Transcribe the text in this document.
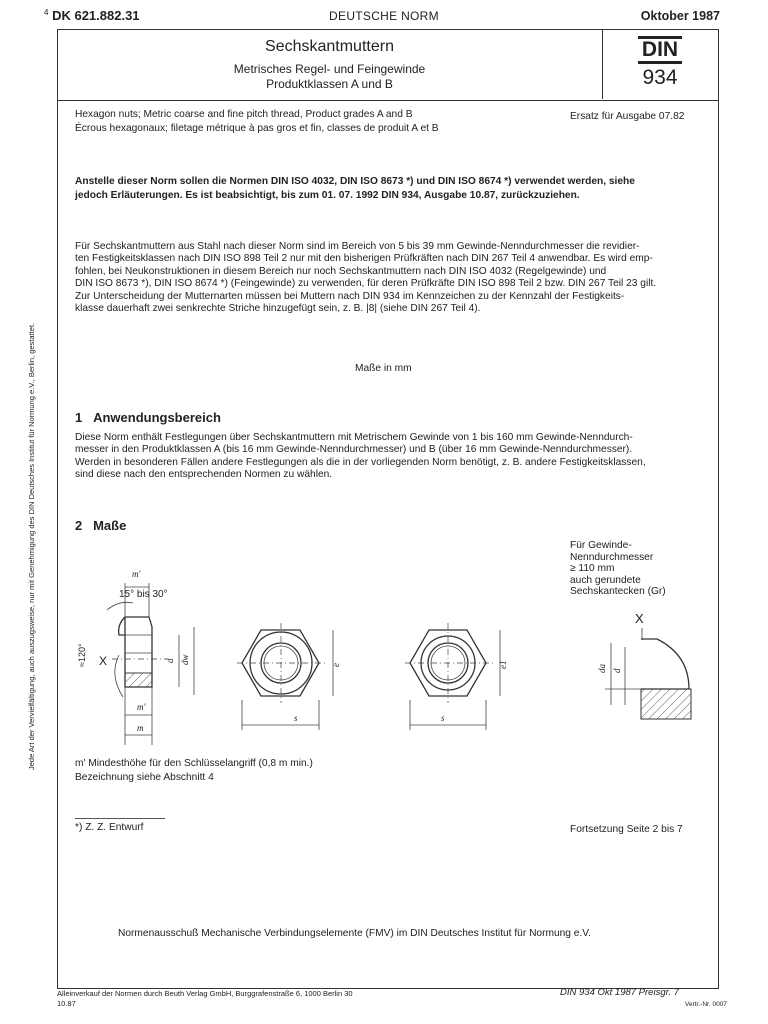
$^4$ DK 621.882.31	DEUTSCHE NORM	Oktober 1987
Sechskantmuttern
Metrisches Regel- und Feingewinde
Produktklassen A und B
DIN
934
Hexagon nuts; Metric coarse and fine pitch thread, Product grades A and B
Écrous hexagonaux; filetage métrique à pas gros et fin, classes de produit A et B
Ersatz für Ausgabe 07.82
Anstelle dieser Norm sollen die Normen DIN ISO 4032, DIN ISO 8673 *) und DIN ISO 8674 *) verwendet werden, siehe
jedoch Erläuterungen. Es ist beabsichtigt, bis zum 01. 07. 1992 DIN 934, Ausgabe 10.87, zurückzuziehen.
Für Sechskantmuttern aus Stahl nach dieser Norm sind im Bereich von 5 bis 39 mm Gewinde-Nenndurchmesser die revidier-
ten Festigkeitsklassen nach DIN ISO 898 Teil 2 nur mit den bisherigen Prüfkräften nach DIN 267 Teil 4 anwendbar. Es wird emp-
fohlen, bei Neukonstruktionen in diesem Bereich nur noch Sechskantmuttern nach DIN ISO 4032 (Regelgewinde) und
DIN ISO 8673 *), DIN ISO 8674 *) (Feingewinde) zu verwenden, für deren Prüfkräfte DIN ISO 898 Teil 2 bzw. DIN 267 Teil 23 gilt.
Zur Unterscheidung der Mutternarten müssen bei Muttern nach DIN 934 im Kennzeichen zu der Kennzahl der Festigkeits-
klasse dauerhaft zwei senkrechte Striche hinzugefügt sein, z. B. |8| (siehe DIN 267 Teil 4).
Maße in mm
1 Anwendungsbereich
Diese Norm enthält Festlegungen über Sechskantmuttern mit Metrischem Gewinde von 1 bis 160 mm Gewinde-Nenndurch-
messer in den Produktklassen A (bis 16 mm Gewinde-Nenndurchmesser) und B (über 16 mm Gewinde-Nenndurchmesser).
Werden in besonderen Fällen andere Festlegungen als die in der vorliegenden Norm benötigt, z. B. andere Festigkeitsklassen,
sind diese nach den entsprechenden Normen zu wählen.
2 Maße
Für Gewinde-
Nenndurchmesser
≥ 110 mm
auch gerundete
Sechskantecken (Gr)
m'
15° bis 30°
≈120° X	d dw
m'
m
e
s
e1
s
X
da d
m' Mindesthöhe für den Schlüsselangriff (0,8 m min.)
Bezeichnung siehe Abschnitt 4
*) Z. Z. Entwurf	Fortsetzung Seite 2 bis 7
Normenausschuß Mechanische Verbindungselemente (FMV) im DIN Deutsches Institut für Normung e.V.
Jede Art der Vervielfältigung, auch auszugsweise, nur mit Genehmigung des DIN Deutsches Institut für Normung e.V., Berlin, gestattet.
Alleinverkauf der Normen durch Beuth Verlag GmbH, Burggrafenstraße 6, 1000 Berlin 30
10.87
DIN 934 Okt 1987 Preisgr. 7
Vertr.-Nr. 0007
